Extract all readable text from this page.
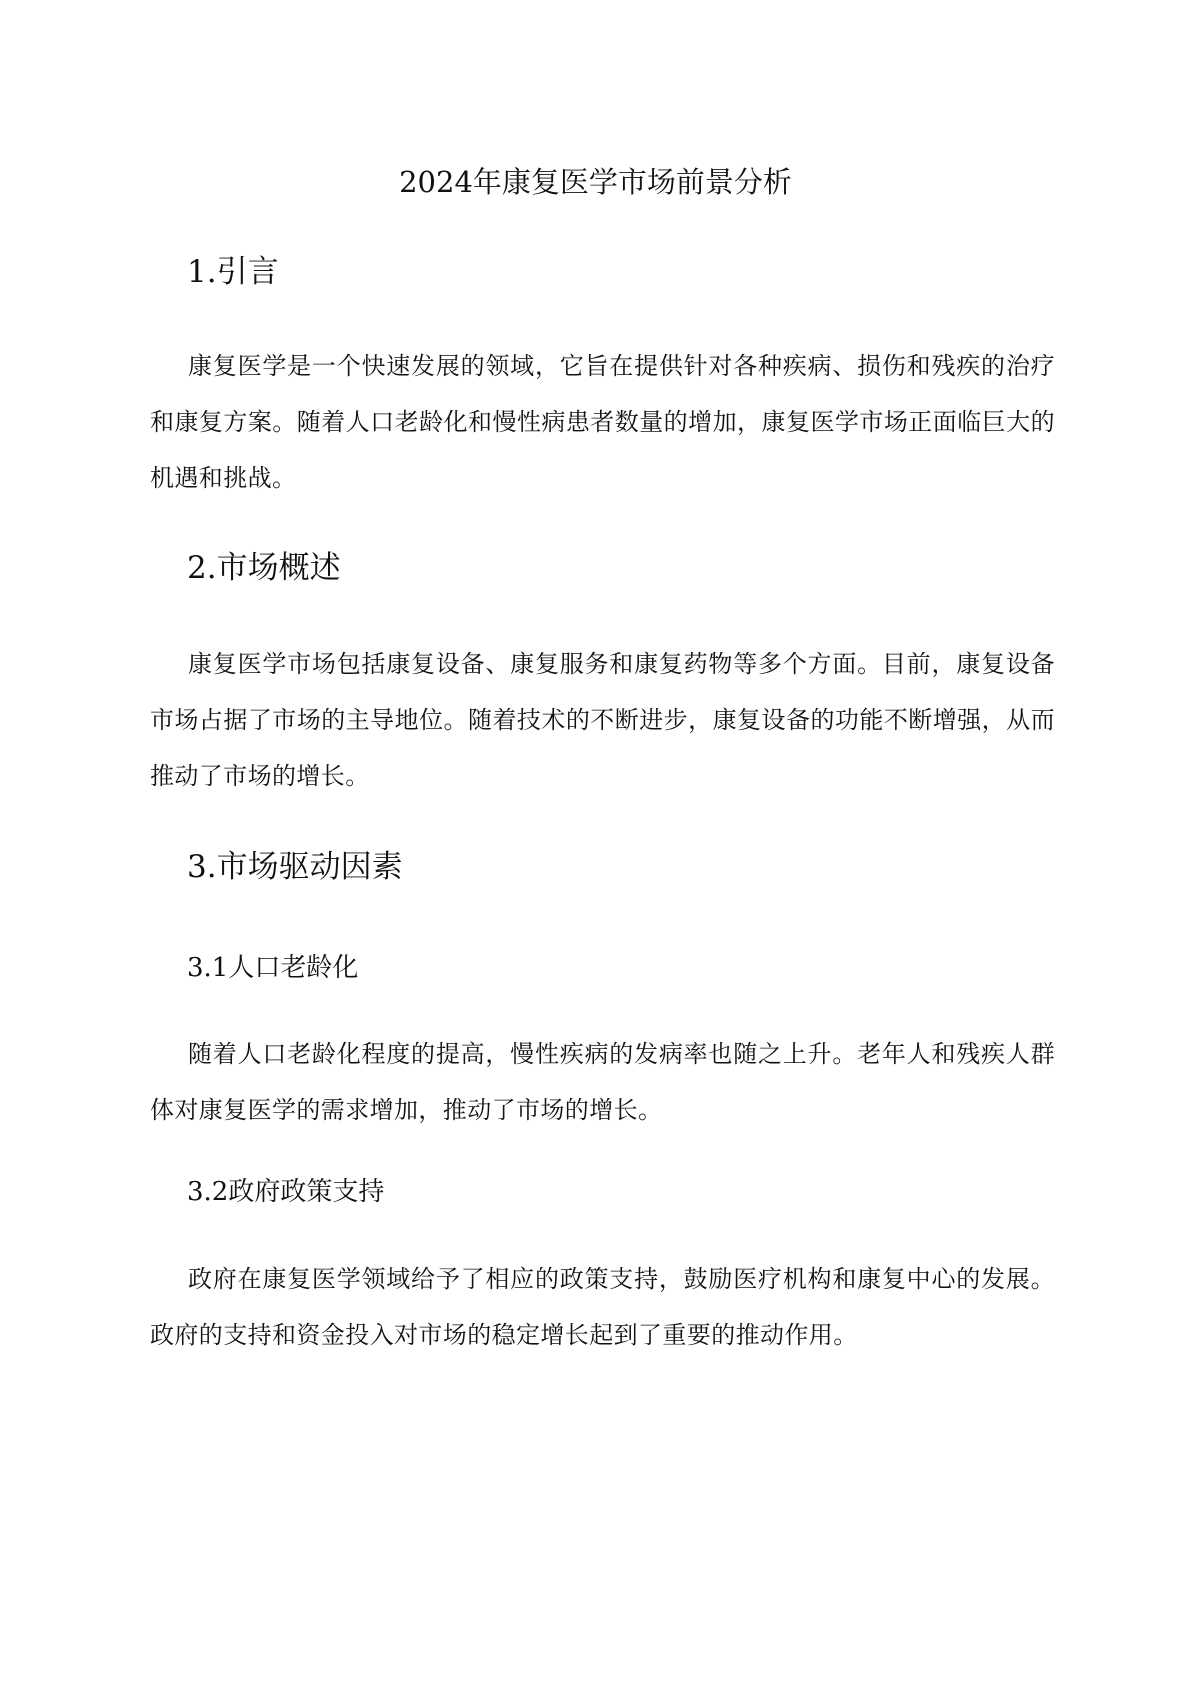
2024年康复医学市场前景分析
1.引言

康复医学是一个快速发展的领域，它旨在提供针对各种疾病、损伤和残疾的治疗和康复方案。随着人口老龄化和慢性病患者数量的增加，康复医学市场正面临巨大的机遇和挑战。

2.市场概述

康复医学市场包括康复设备、康复服务和康复药物等多个方面。目前，康复设备市场占据了市场的主导地位。随着技术的不断进步，康复设备的功能不断增强，从而推动了市场的增长。

3.市场驱动因素
3.1人口老龄化

随着人口老龄化程度的提高，慢性疾病的发病率也随之上升。老年人和残疾人群体对康复医学的需求增加，推动了市场的增长。

3.2政府政策支持

政府在康复医学领域给予了相应的政策支持，鼓励医疗机构和康复中心的发展。政府的支持和资金投入对市场的稳定增长起到了重要的推动作用。
